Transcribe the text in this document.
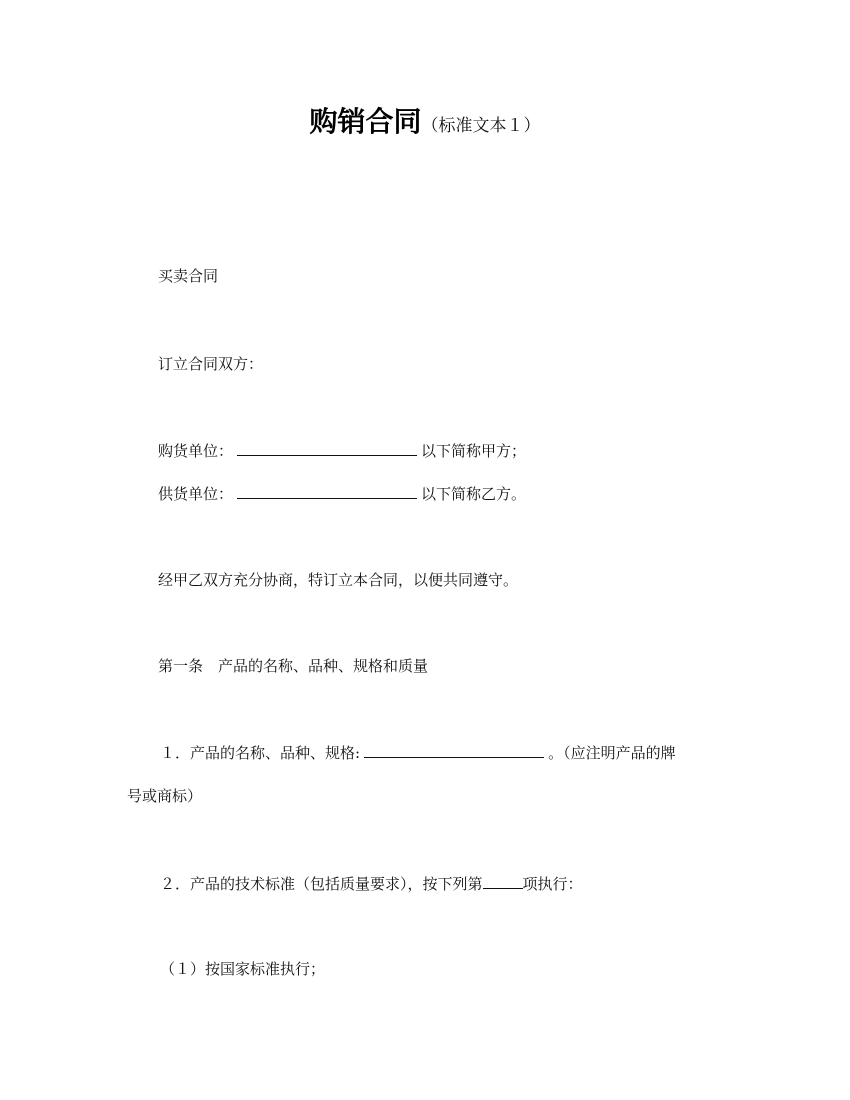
购销合同（标准文本１）
买卖合同
订立合同双方：
购货单位：	以下简称甲方；
供货单位：	以下简称乙方。
经甲乙双方充分协商，特订立本合同，以便共同遵守。
第一条　产品的名称、品种、规格和质量
１．产品的名称、品种、规格:	。（应注明产品的牌
号或商标）
２．产品的技术标准（包括质量要求），按下列第	项执行：
（１）按国家标准执行；
